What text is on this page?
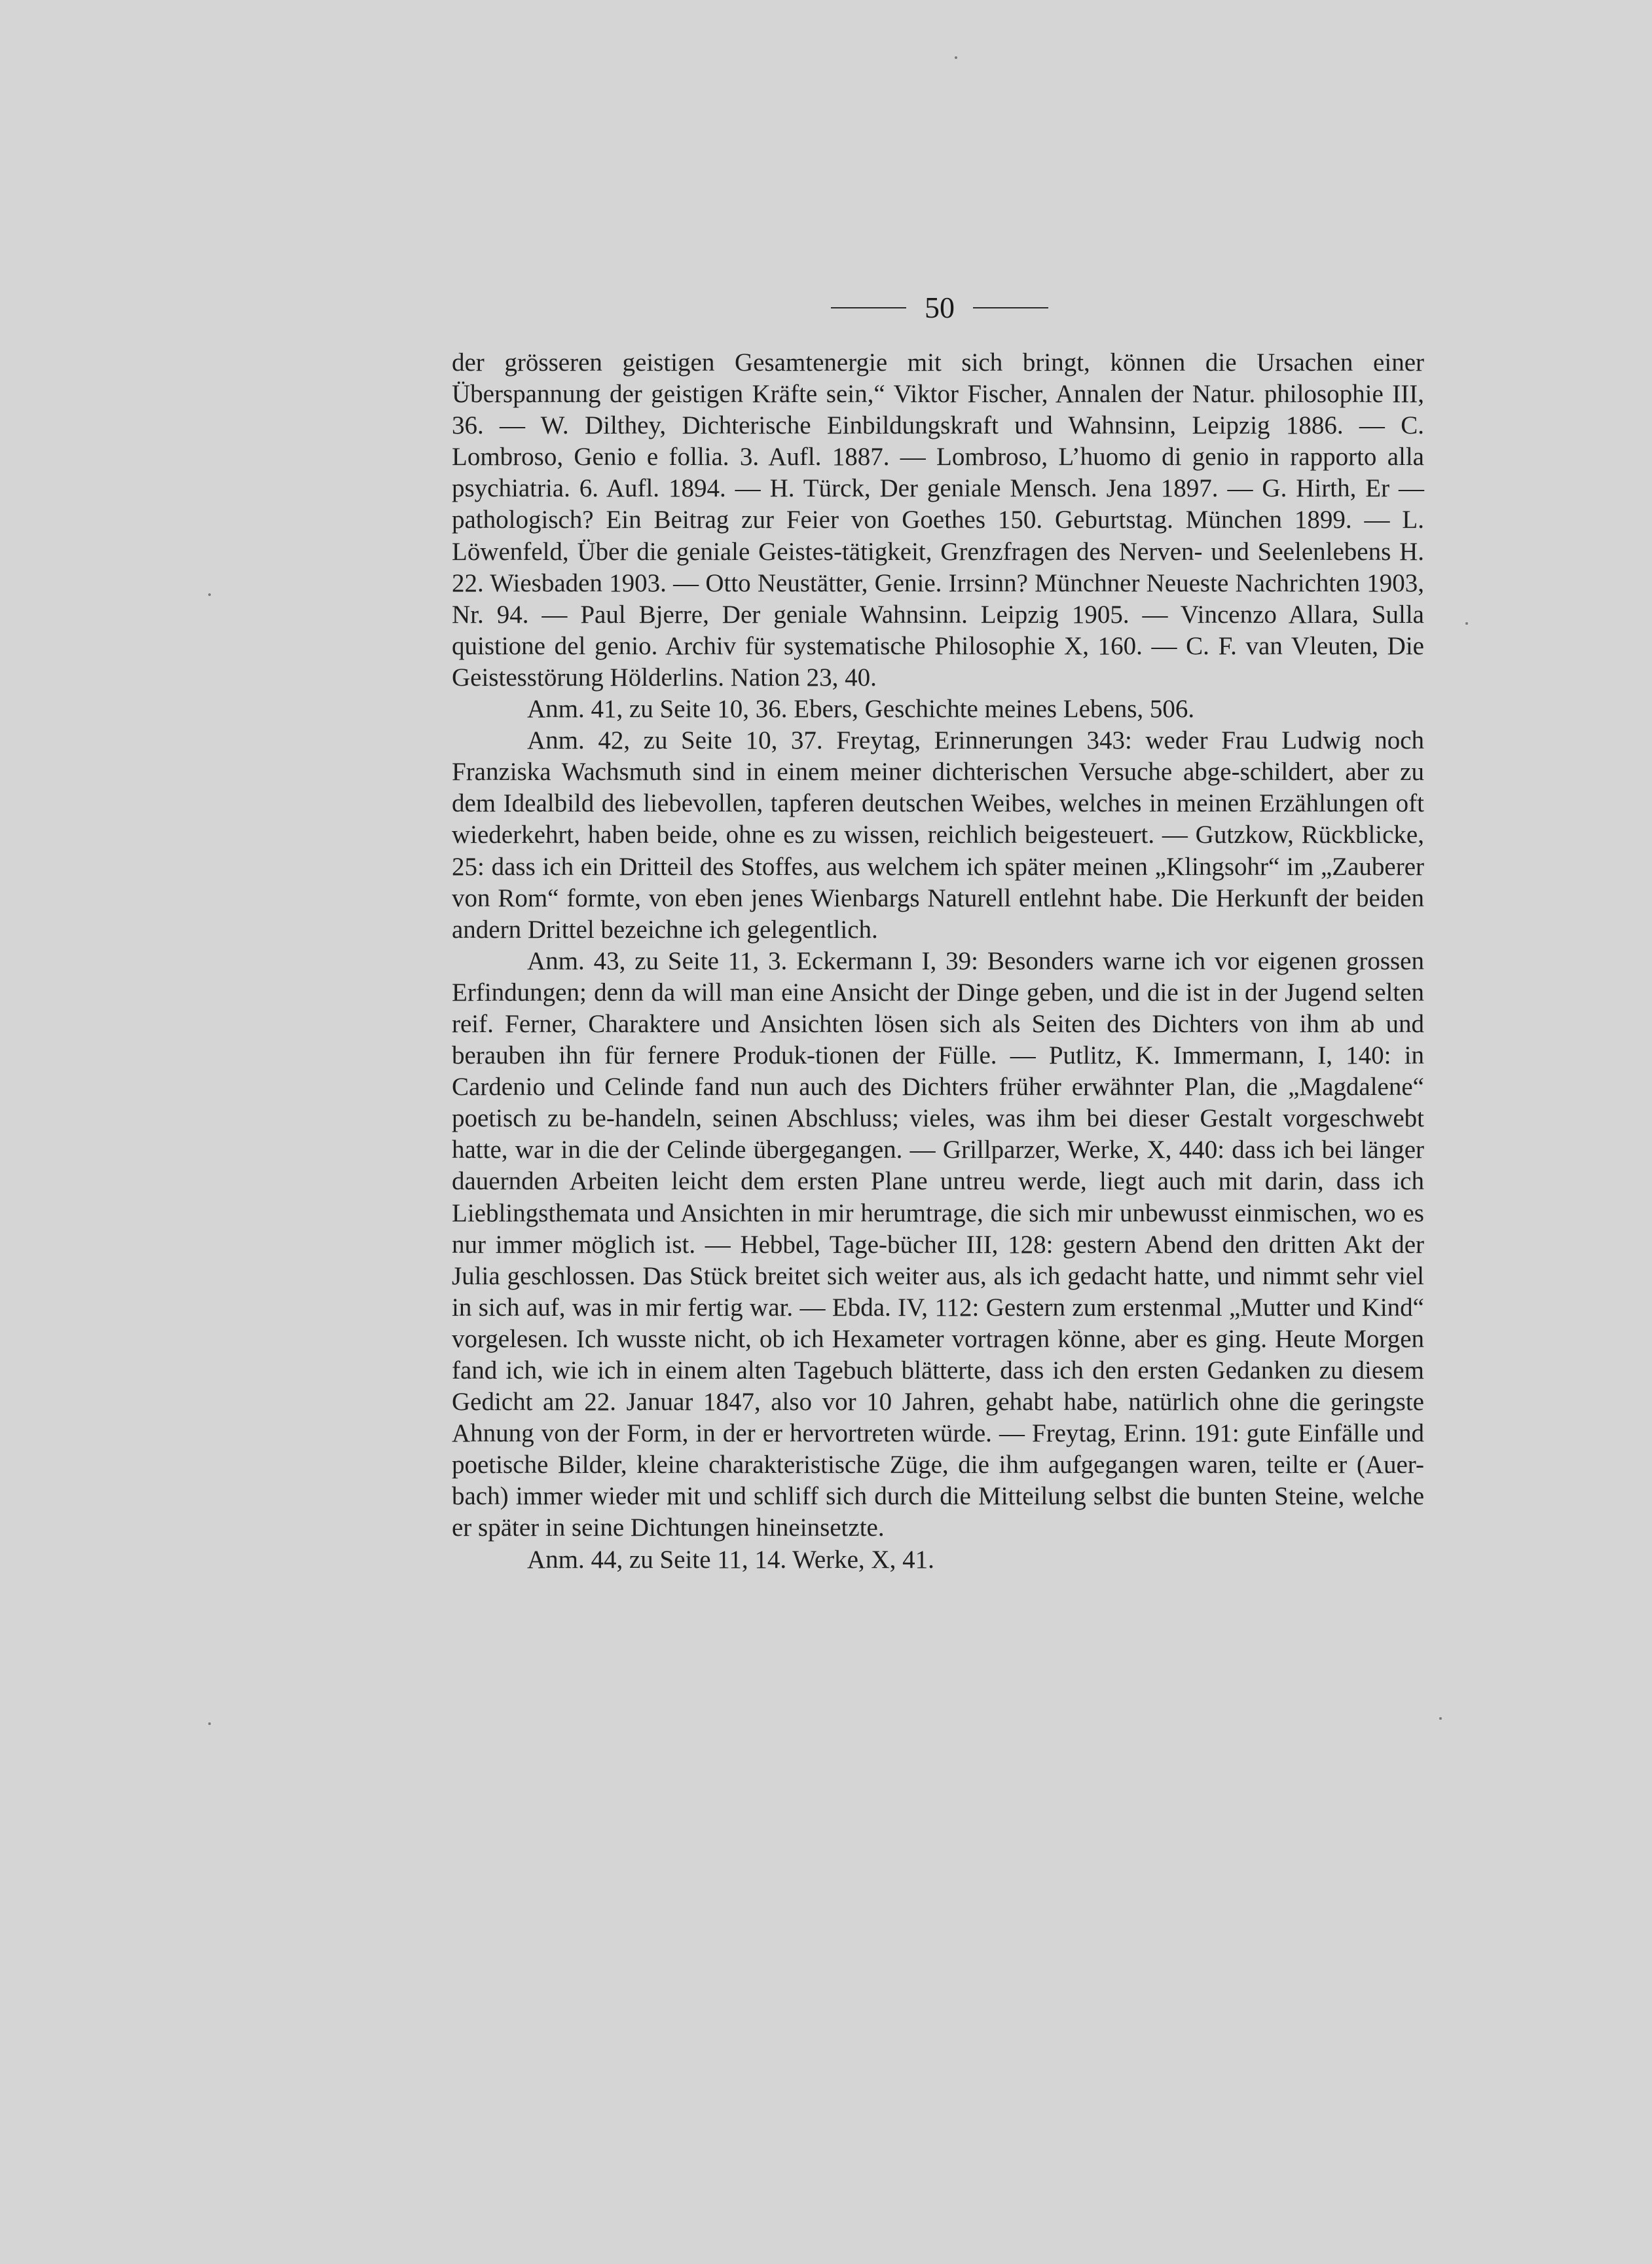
50

der grösseren geistigen Gesamtenergie mit sich bringt, können die Ursachen einer Überspannung der geistigen Kräfte sein,“ Viktor Fischer, Annalen der Natur. philosophie III, 36. — W. Dilthey, Dichterische Einbildungskraft und Wahnsinn, Leipzig 1886. — C. Lombroso, Genio e follia. 3. Aufl. 1887. — Lombroso, L’huomo di genio in rapporto alla psychiatria. 6. Aufl. 1894. — H. Türck, Der geniale Mensch. Jena 1897. — G. Hirth, Er — pathologisch? Ein Beitrag zur Feier von Goethes 150. Geburtstag. München 1899. — L. Löwenfeld, Über die geniale Geistes-tätigkeit, Grenzfragen des Nerven- und Seelenlebens H. 22. Wiesbaden 1903. — Otto Neustätter, Genie. Irrsinn? Münchner Neueste Nachrichten 1903, Nr. 94. — Paul Bjerre, Der geniale Wahnsinn. Leipzig 1905. — Vincenzo Allara, Sulla quistione del genio. Archiv für systematische Philosophie X, 160. — C. F. van Vleuten, Die Geistesstörung Hölderlins. Nation 23, 40.

Anm. 41, zu Seite 10, 36. Ebers, Geschichte meines Lebens, 506.

Anm. 42, zu Seite 10, 37. Freytag, Erinnerungen 343: weder Frau Ludwig noch Franziska Wachsmuth sind in einem meiner dichterischen Versuche abge-schildert, aber zu dem Idealbild des liebevollen, tapferen deutschen Weibes, welches in meinen Erzählungen oft wiederkehrt, haben beide, ohne es zu wissen, reichlich beigesteuert. — Gutzkow, Rückblicke, 25: dass ich ein Dritteil des Stoffes, aus welchem ich später meinen „Klingsohr“ im „Zauberer von Rom“ formte, von eben jenes Wienbargs Naturell entlehnt habe. Die Herkunft der beiden andern Drittel bezeichne ich gelegentlich.

Anm. 43, zu Seite 11, 3. Eckermann I, 39: Besonders warne ich vor eigenen grossen Erfindungen; denn da will man eine Ansicht der Dinge geben, und die ist in der Jugend selten reif. Ferner, Charaktere und Ansichten lösen sich als Seiten des Dichters von ihm ab und berauben ihn für fernere Produk-tionen der Fülle. — Putlitz, K. Immermann, I, 140: in Cardenio und Celinde fand nun auch des Dichters früher erwähnter Plan, die „Magdalene“ poetisch zu be-handeln, seinen Abschluss; vieles, was ihm bei dieser Gestalt vorgeschwebt hatte, war in die der Celinde übergegangen. — Grillparzer, Werke, X, 440: dass ich bei länger dauernden Arbeiten leicht dem ersten Plane untreu werde, liegt auch mit darin, dass ich Lieblingsthemata und Ansichten in mir herumtrage, die sich mir unbewusst einmischen, wo es nur immer möglich ist. — Hebbel, Tage-bücher III, 128: gestern Abend den dritten Akt der Julia geschlossen. Das Stück breitet sich weiter aus, als ich gedacht hatte, und nimmt sehr viel in sich auf, was in mir fertig war. — Ebda. IV, 112: Gestern zum erstenmal „Mutter und Kind“ vorgelesen. Ich wusste nicht, ob ich Hexameter vortragen könne, aber es ging. Heute Morgen fand ich, wie ich in einem alten Tagebuch blätterte, dass ich den ersten Gedanken zu diesem Gedicht am 22. Januar 1847, also vor 10 Jahren, gehabt habe, natürlich ohne die geringste Ahnung von der Form, in der er hervortreten würde. — Freytag, Erinn. 191: gute Einfälle und poetische Bilder, kleine charakteristische Züge, die ihm aufgegangen waren, teilte er (Auer-bach) immer wieder mit und schliff sich durch die Mitteilung selbst die bunten Steine, welche er später in seine Dichtungen hineinsetzte.

Anm. 44, zu Seite 11, 14. Werke, X, 41.
